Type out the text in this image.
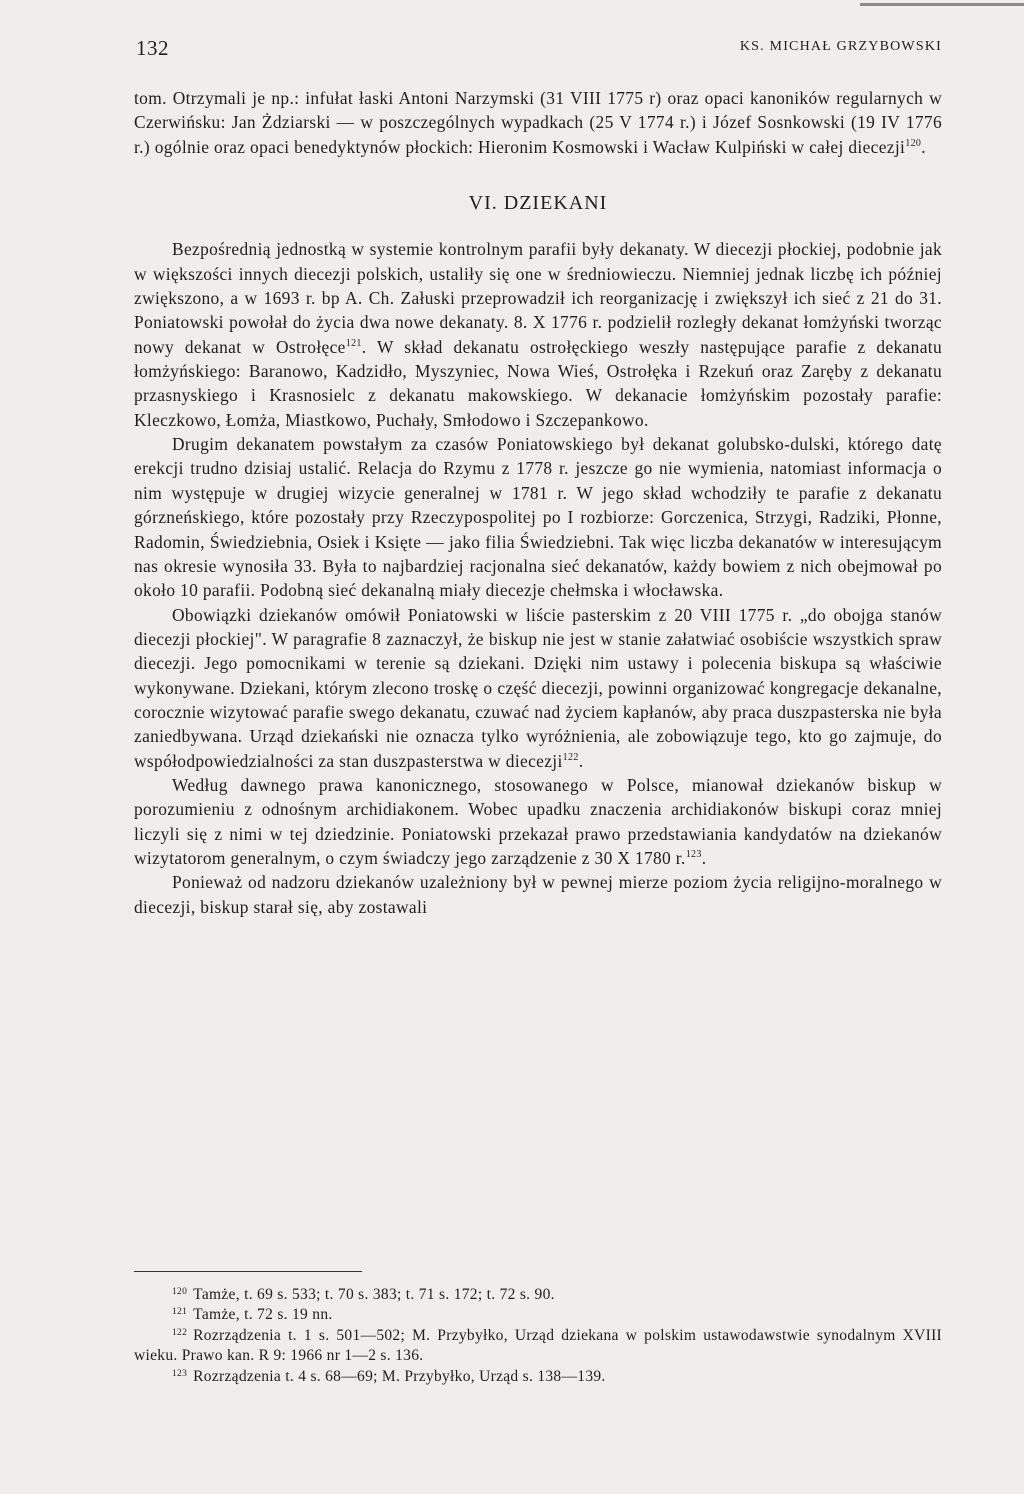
132	KS. MICHAŁ GRZYBOWSKI

tom. Otrzymali je np.: infułat łaski Antoni Narzymski (31 VIII 1775 r) oraz opaci kanoników regularnych w Czerwińsku: Jan Żdziarski — w poszczególnych wypadkach (25 V 1774 r.) i Józef Sosnkowski (19 IV 1776 r.) ogólnie oraz opaci benedyktynów płockich: Hieronim Kosmowski i Wacław Kulpiński w całej diecezji$^{120}$.

VI. DZIEKANI

Bezpośrednią jednostką w systemie kontrolnym parafii były dekanaty. W diecezji płockiej, podobnie jak w większości innych diecezji polskich, ustaliły się one w średniowieczu. Niemniej jednak liczbę ich później zwiększono, a w 1693 r. bp A. Ch. Załuski przeprowadził ich reorganizację i zwiększył ich sieć z 21 do 31. Poniatowski powołał do życia dwa nowe dekanaty. 8. X 1776 r. podzielił rozległy dekanat łomżyński tworząc nowy dekanat w Ostrołęce$^{121}$. W skład dekanatu ostrołęckiego weszły następujące parafie z dekanatu łomżyńskiego: Baranowo, Kadzidło, Myszyniec, Nowa Wieś, Ostrołęka i Rzekuń oraz Zaręby z dekanatu przasnyskiego i Krasnosielc z dekanatu makowskiego. W dekanacie łomżyńskim pozostały parafie: Kleczkowo, Łomża, Miastkowo, Puchały, Smłodowo i Szczepankowo.

Drugim dekanatem powstałym za czasów Poniatowskiego był dekanat golubsko-dulski, którego datę erekcji trudno dzisiaj ustalić. Relacja do Rzymu z 1778 r. jeszcze go nie wymienia, natomiast informacja o nim występuje w drugiej wizycie generalnej w 1781 r. W jego skład wchodziły te parafie z dekanatu górzneńskiego, które pozostały przy Rzeczypospolitej po I rozbiorze: Gorczenica, Strzygi, Radziki, Płonne, Radomin, Świedziebnia, Osiek i Księte — jako filia Świedziebni. Tak więc liczba dekanatów w interesującym nas okresie wynosiła 33. Była to najbardziej racjonalna sieć dekanatów, każdy bowiem z nich obejmował po około 10 parafii. Podobną sieć dekanalną miały diecezje chełmska i włocławska.

Obowiązki dziekanów omówił Poniatowski w liście pasterskim z 20 VIII 1775 r. „do obojga stanów diecezji płockiej". W paragrafie 8 zaznaczył, że biskup nie jest w stanie załatwiać osobiście wszystkich spraw diecezji. Jego pomocnikami w terenie są dziekani. Dzięki nim ustawy i polecenia biskupa są właściwie wykonywane. Dziekani, którym zlecono troskę o część diecezji, powinni organizować kongregacje dekanalne, corocznie wizytować parafie swego dekanatu, czuwać nad życiem kapłanów, aby praca duszpasterska nie była zaniedbywana. Urząd dziekański nie oznacza tylko wyróżnienia, ale zobowiązuje tego, kto go zajmuje, do współodpowiedzialności za stan duszpasterstwa w diecezji$^{122}$.

Według dawnego prawa kanonicznego, stosowanego w Polsce, mianował dziekanów biskup w porozumieniu z odnośnym archidiakonem. Wobec upadku znaczenia archidiakonów biskupi coraz mniej liczyli się z nimi w tej dziedzinie. Poniatowski przekazał prawo przedstawiania kandydatów na dziekanów wizytatorom generalnym, o czym świadczy jego zarządzenie z 30 X 1780 r.$^{123}$.

Ponieważ od nadzoru dziekanów uzależniony był w pewnej mierze poziom życia religijno-moralnego w diecezji, biskup starał się, aby zostawali

$^{120}$ Tamże, t. 69 s. 533; t. 70 s. 383; t. 71 s. 172; t. 72 s. 90.
$^{121}$ Tamże, t. 72 s. 19 nn.
$^{122}$ Rozrządzenia t. 1 s. 501—502; M. Przybyłko, Urząd dziekana w polskim ustawodawstwie synodalnym XVIII wieku. Prawo kan. R 9: 1966 nr 1—2 s. 136.
$^{123}$ Rozrządzenia t. 4 s. 68—69; M. Przybyłko, Urząd s. 138—139.
